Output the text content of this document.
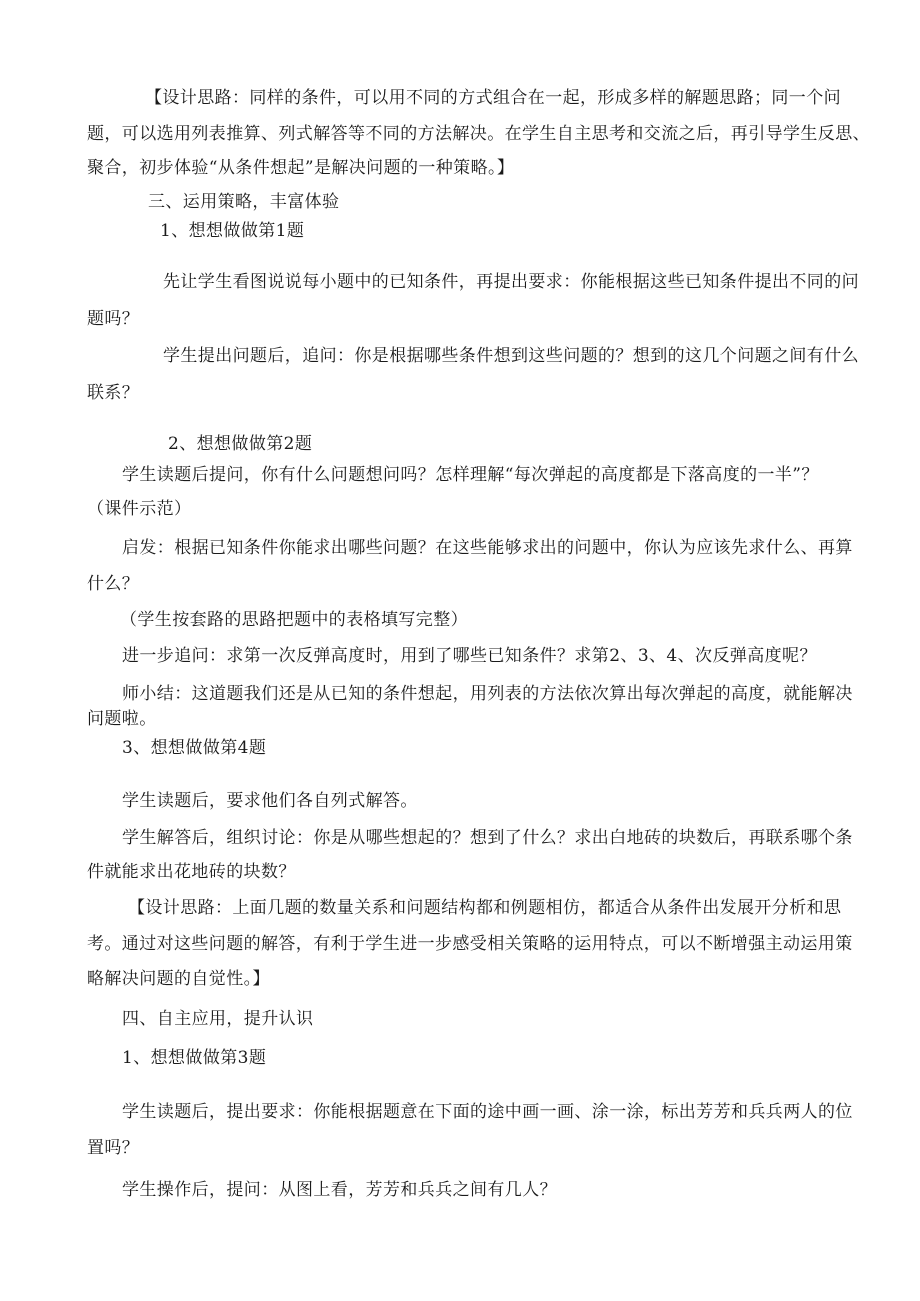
【设计思路：同样的条件，可以用不同的方式组合在一起，形成多样的解题思路；同一个问

题，可以选用列表推算、列式解答等不同的方法解决。在学生自主思考和交流之后，再引导学生反思、

聚合，初步体验“从条件想起”是解决问题的一种策略。】

三、运用策略，丰富体验

1、想想做做第1题

先让学生看图说说每小题中的已知条件，再提出要求：你能根据这些已知条件提出不同的问

题吗？

学生提出问题后，追问：你是根据哪些条件想到这些问题的？想到的这几个问题之间有什么

联系？

2、想想做做第2题

学生读题后提问，你有什么问题想问吗？怎样理解“每次弹起的高度都是下落高度的一半”？

（课件示范）

启发：根据已知条件你能求出哪些问题？在这些能够求出的问题中，你认为应该先求什么、再算

什么？

（学生按套路的思路把题中的表格填写完整）

进一步追问：求第一次反弹高度时，用到了哪些已知条件？求第2、3、4、次反弹高度呢？

师小结：这道题我们还是从已知的条件想起，用列表的方法依次算出每次弹起的高度，就能解决

问题啦。

3、想想做做第4题

学生读题后，要求他们各自列式解答。

学生解答后，组织讨论：你是从哪些想起的？想到了什么？求出白地砖的块数后，再联系哪个条

件就能求出花地砖的块数？

【设计思路：上面几题的数量关系和问题结构都和例题相仿，都适合从条件出发展开分析和思

考。通过对这些问题的解答，有利于学生进一步感受相关策略的运用特点，可以不断增强主动运用策

略解决问题的自觉性。】

四、自主应用，提升认识

1、想想做做第3题

学生读题后，提出要求：你能根据题意在下面的途中画一画、涂一涂，标出芳芳和兵兵两人的位

置吗？

学生操作后，提问：从图上看，芳芳和兵兵之间有几人？
